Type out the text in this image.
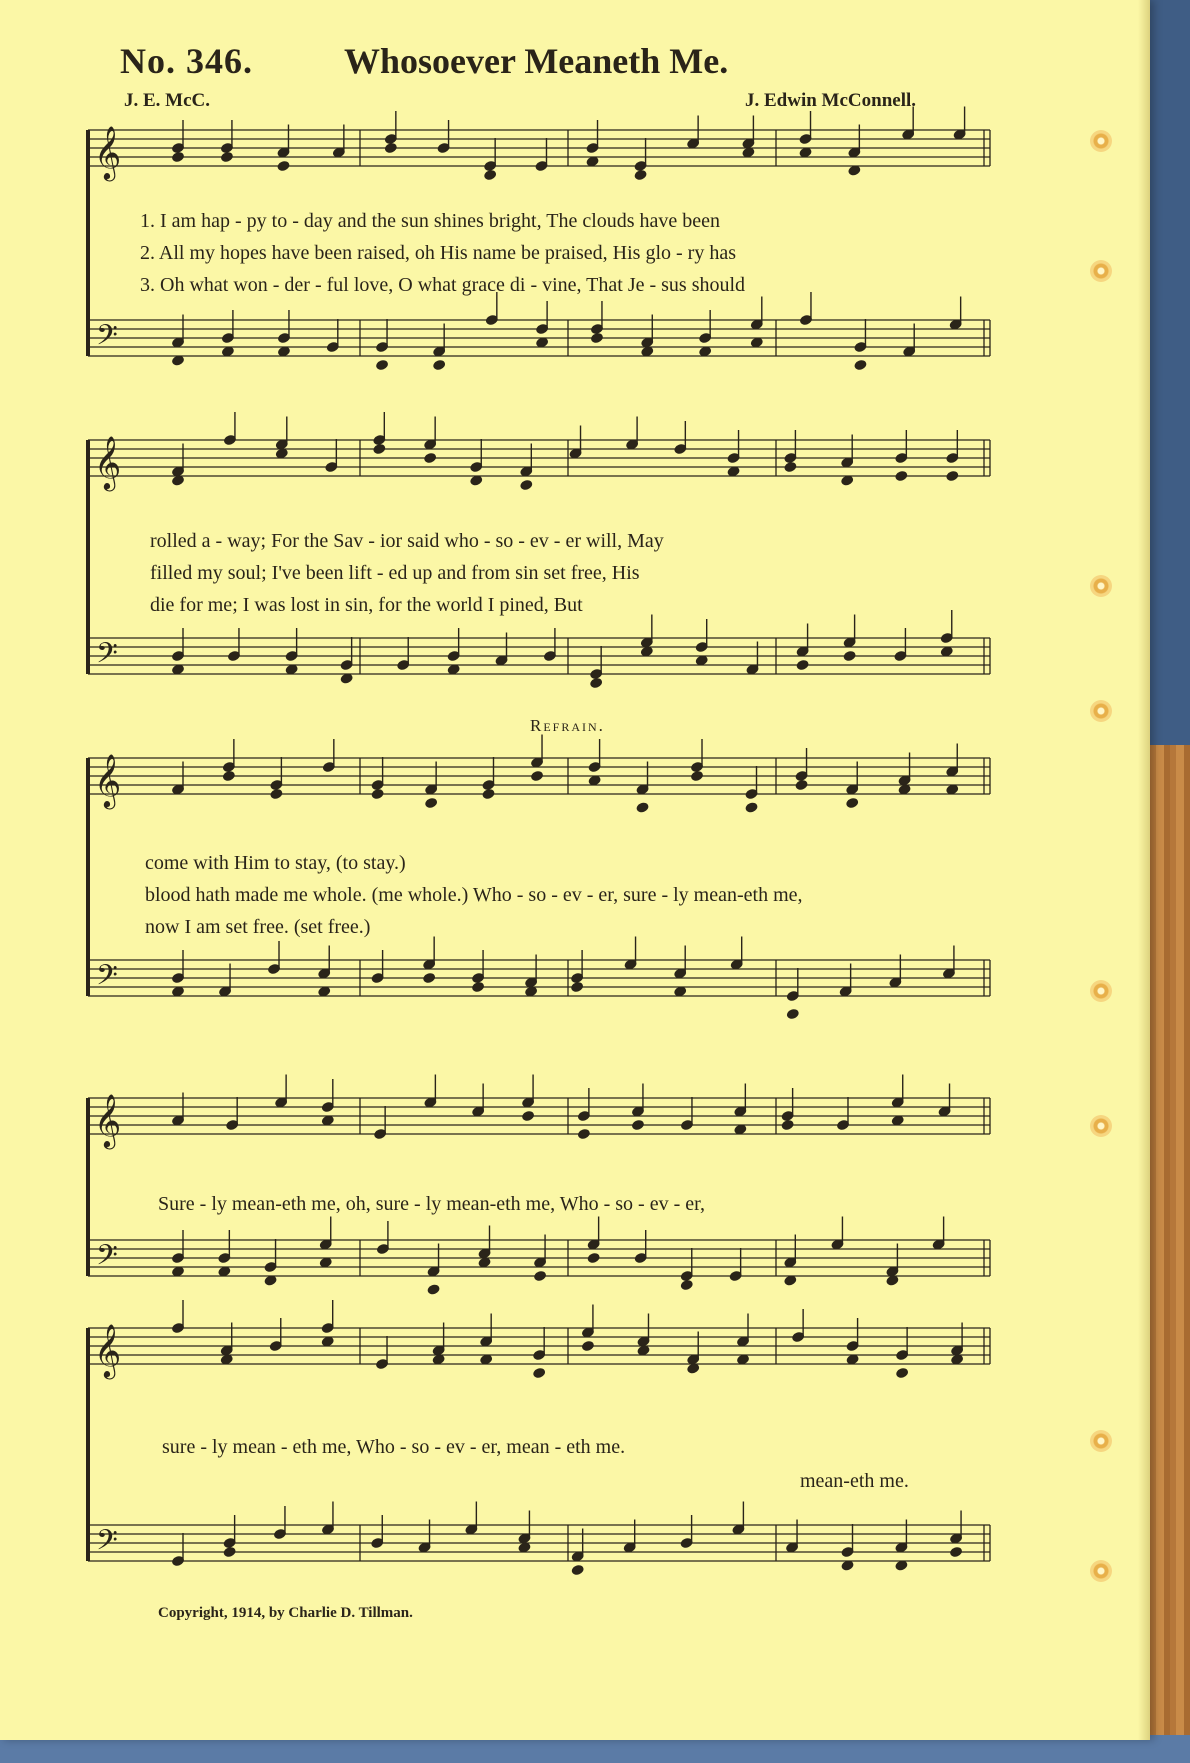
No. 346.	Whosoever Meaneth Me.
J. E. McC.	J. Edwin McConnell.
𝄞
𝄢
𝄞
𝄢
𝄞
𝄢
𝄞
𝄢
𝄞
𝄢
Refrain.
1. I am hap - py to - day and the sun shines bright, The clouds have been
2. All my hopes have been raised, oh His name be praised, His glo - ry has
3. Oh what won - der - ful love, O what grace di - vine, That Je - sus should
rolled a - way; For the Sav - ior said who - so - ev - er will, May
filled my soul; I've been lift - ed up and from sin set free, His
die for me; I was lost in sin, for the world I pined, But
come with Him to stay, (to stay.)
blood hath made me whole. (me whole.) Who - so - ev - er, sure - ly mean-eth me,
now I am set free. (set free.)
Sure - ly mean-eth me, oh, sure - ly mean-eth me, Who - so - ev - er,
sure - ly mean - eth me, Who - so - ev - er, mean - eth me.
mean-eth me.
Copyright, 1914, by Charlie D. Tillman.
